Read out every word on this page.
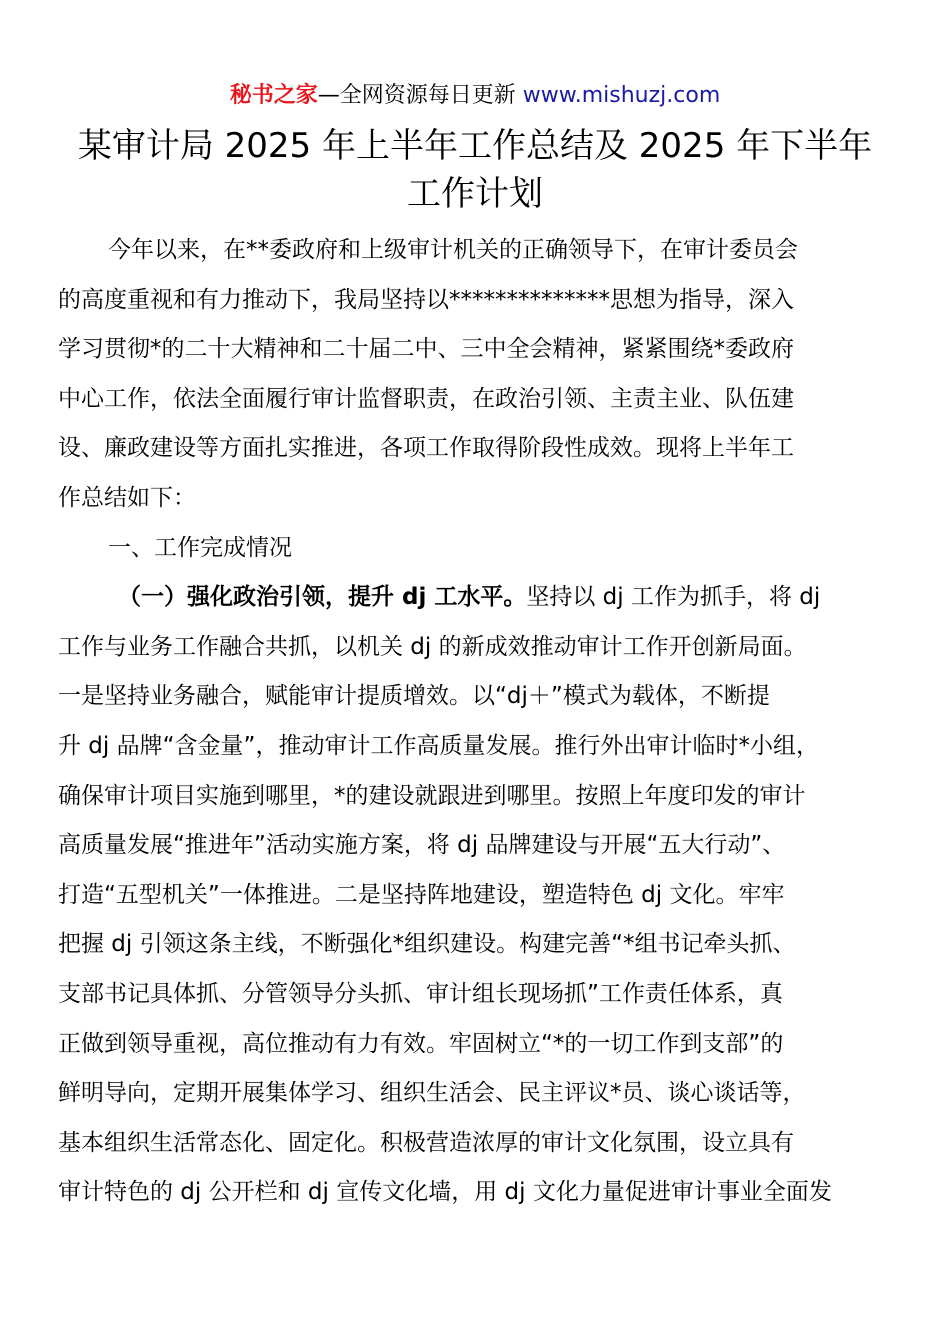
秘书之家—全网资源每日更新 www.mishuzj.com
某审计局 2025 年上半年工作总结及 2025 年下半年
工作计划
今年以来，在**委政府和上级审计机关的正确领导下，在审计委员会
的高度重视和有力推动下，我局坚持以**************思想为指导，深入
学习贯彻*的二十大精神和二十届二中、三中全会精神，紧紧围绕*委政府
中心工作，依法全面履行审计监督职责，在政治引领、主责主业、队伍建
设、廉政建设等方面扎实推进，各项工作取得阶段性成效。现将上半年工
作总结如下：
一、工作完成情况
（一）强化政治引领，提升 dj 工水平。坚持以 dj 工作为抓手，将 dj
工作与业务工作融合共抓，以机关 dj 的新成效推动审计工作开创新局面。
一是坚持业务融合，赋能审计提质增效。以“dj＋”模式为载体，不断提
升 dj 品牌“含金量”，推动审计工作高质量发展。推行外出审计临时*小组，
确保审计项目实施到哪里，*的建设就跟进到哪里。按照上年度印发的审计
高质量发展“推进年”活动实施方案，将 dj 品牌建设与开展“五大行动”、
打造“五型机关”一体推进。二是坚持阵地建设，塑造特色 dj 文化。牢牢
把握 dj 引领这条主线，不断强化*组织建设。构建完善“*组书记牵头抓、
支部书记具体抓、分管领导分头抓、审计组长现场抓”工作责任体系，真
正做到领导重视，高位推动有力有效。牢固树立“*的一切工作到支部”的
鲜明导向，定期开展集体学习、组织生活会、民主评议*员、谈心谈话等，
基本组织生活常态化、固定化。积极营造浓厚的审计文化氛围，设立具有
审计特色的 dj 公开栏和 dj 宣传文化墙，用 dj 文化力量促进审计事业全面发
